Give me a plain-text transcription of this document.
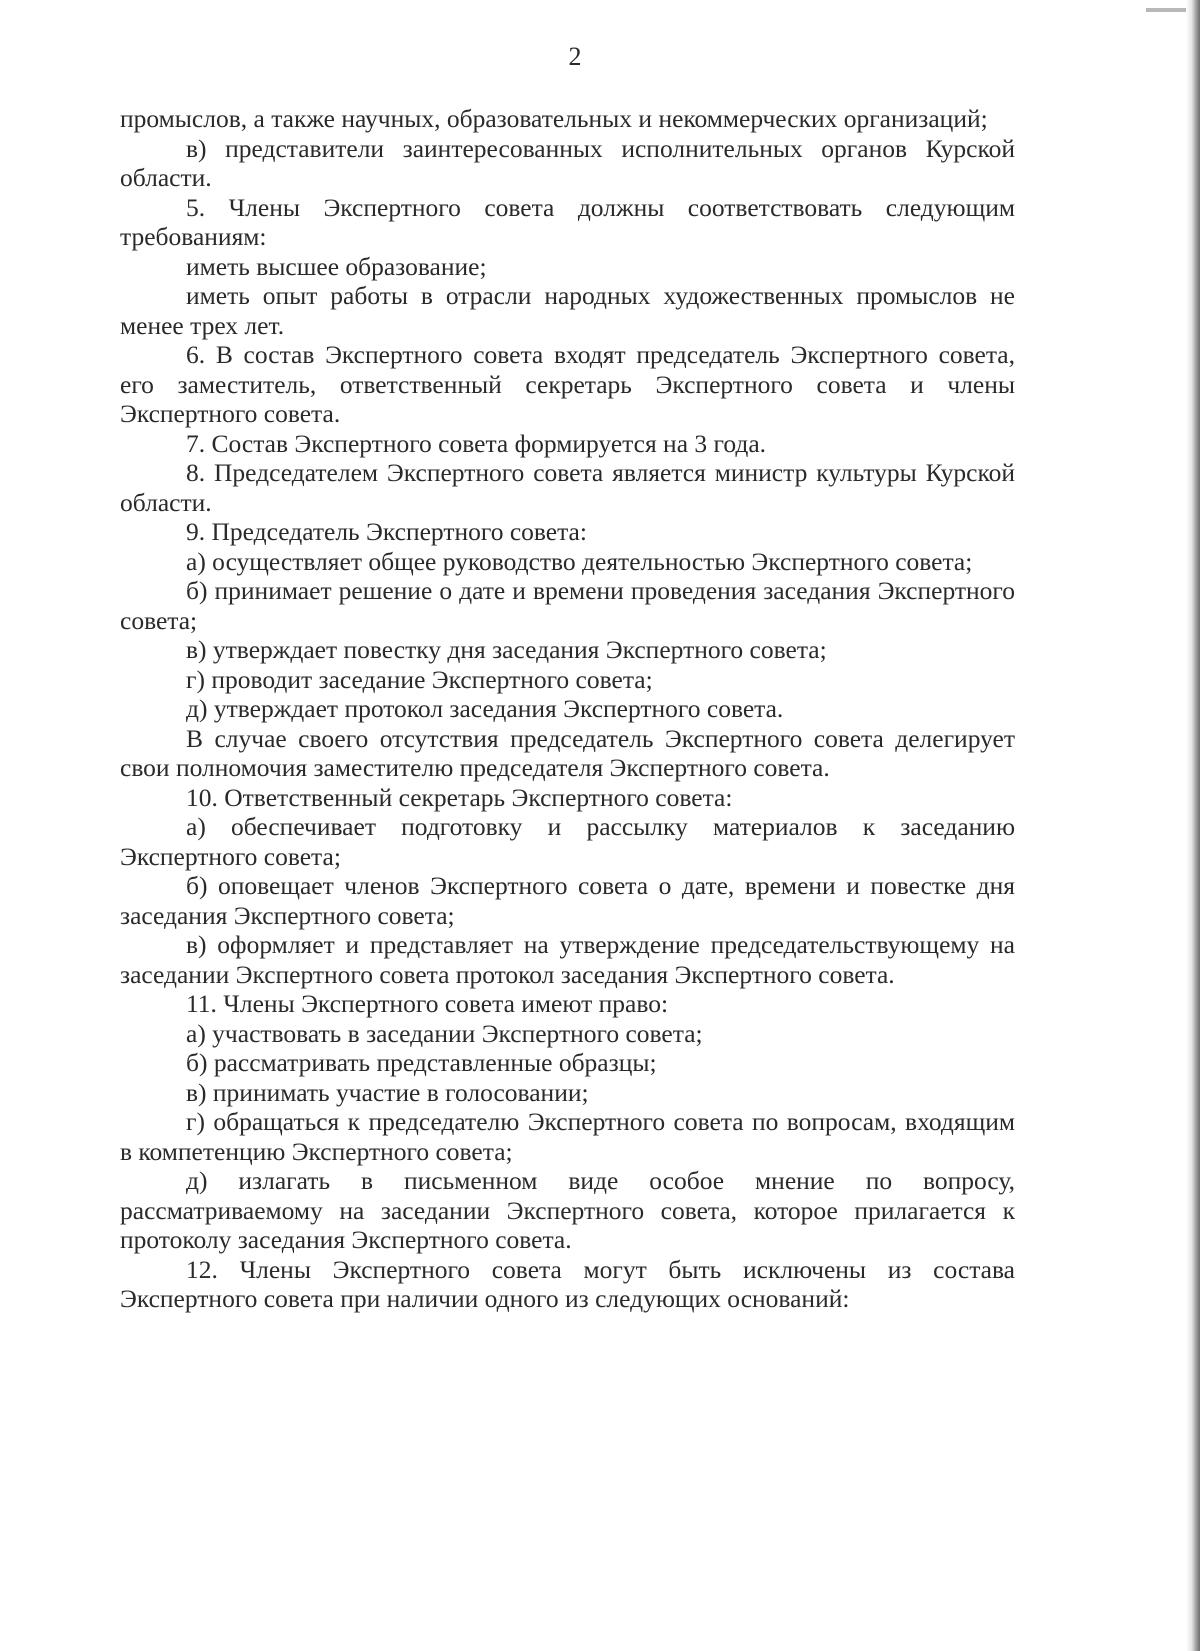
2

промыслов, а также научных, образовательных и некоммерческих организаций;

в) представители заинтересованных исполнительных органов Курской области.

5. Члены Экспертного совета должны соответствовать следующим требованиям:

иметь высшее образование;

иметь опыт работы в отрасли народных художественных промыслов не менее трех лет.

6. В состав Экспертного совета входят председатель Экспертного совета, его заместитель, ответственный секретарь Экспертного совета и члены Экспертного совета.

7. Состав Экспертного совета формируется на 3 года.

8. Председателем Экспертного совета является министр культуры Курской области.

9. Председатель Экспертного совета:

а) осуществляет общее руководство деятельностью Экспертного совета;

б) принимает решение о дате и времени проведения заседания Экспертного совета;

в) утверждает повестку дня заседания Экспертного совета;

г) проводит заседание Экспертного совета;

д) утверждает протокол заседания Экспертного совета.

В случае своего отсутствия председатель Экспертного совета делегирует свои полномочия заместителю председателя Экспертного совета.

10. Ответственный секретарь Экспертного совета:

а) обеспечивает подготовку и рассылку материалов к заседанию Экспертного совета;

б) оповещает членов Экспертного совета о дате, времени и повестке дня заседания Экспертного совета;

в) оформляет и представляет на утверждение председательствующему на заседании Экспертного совета протокол заседания Экспертного совета.

11. Члены Экспертного совета имеют право:

а) участвовать в заседании Экспертного совета;

б) рассматривать представленные образцы;

в) принимать участие в голосовании;

г) обращаться к председателю Экспертного совета по вопросам, входящим в компетенцию Экспертного совета;

д) излагать в письменном виде особое мнение по вопросу, рассматриваемому на заседании Экспертного совета, которое прилагается к протоколу заседания Экспертного совета.

12. Члены Экспертного совета могут быть исключены из состава Экспертного совета при наличии одного из следующих оснований:
